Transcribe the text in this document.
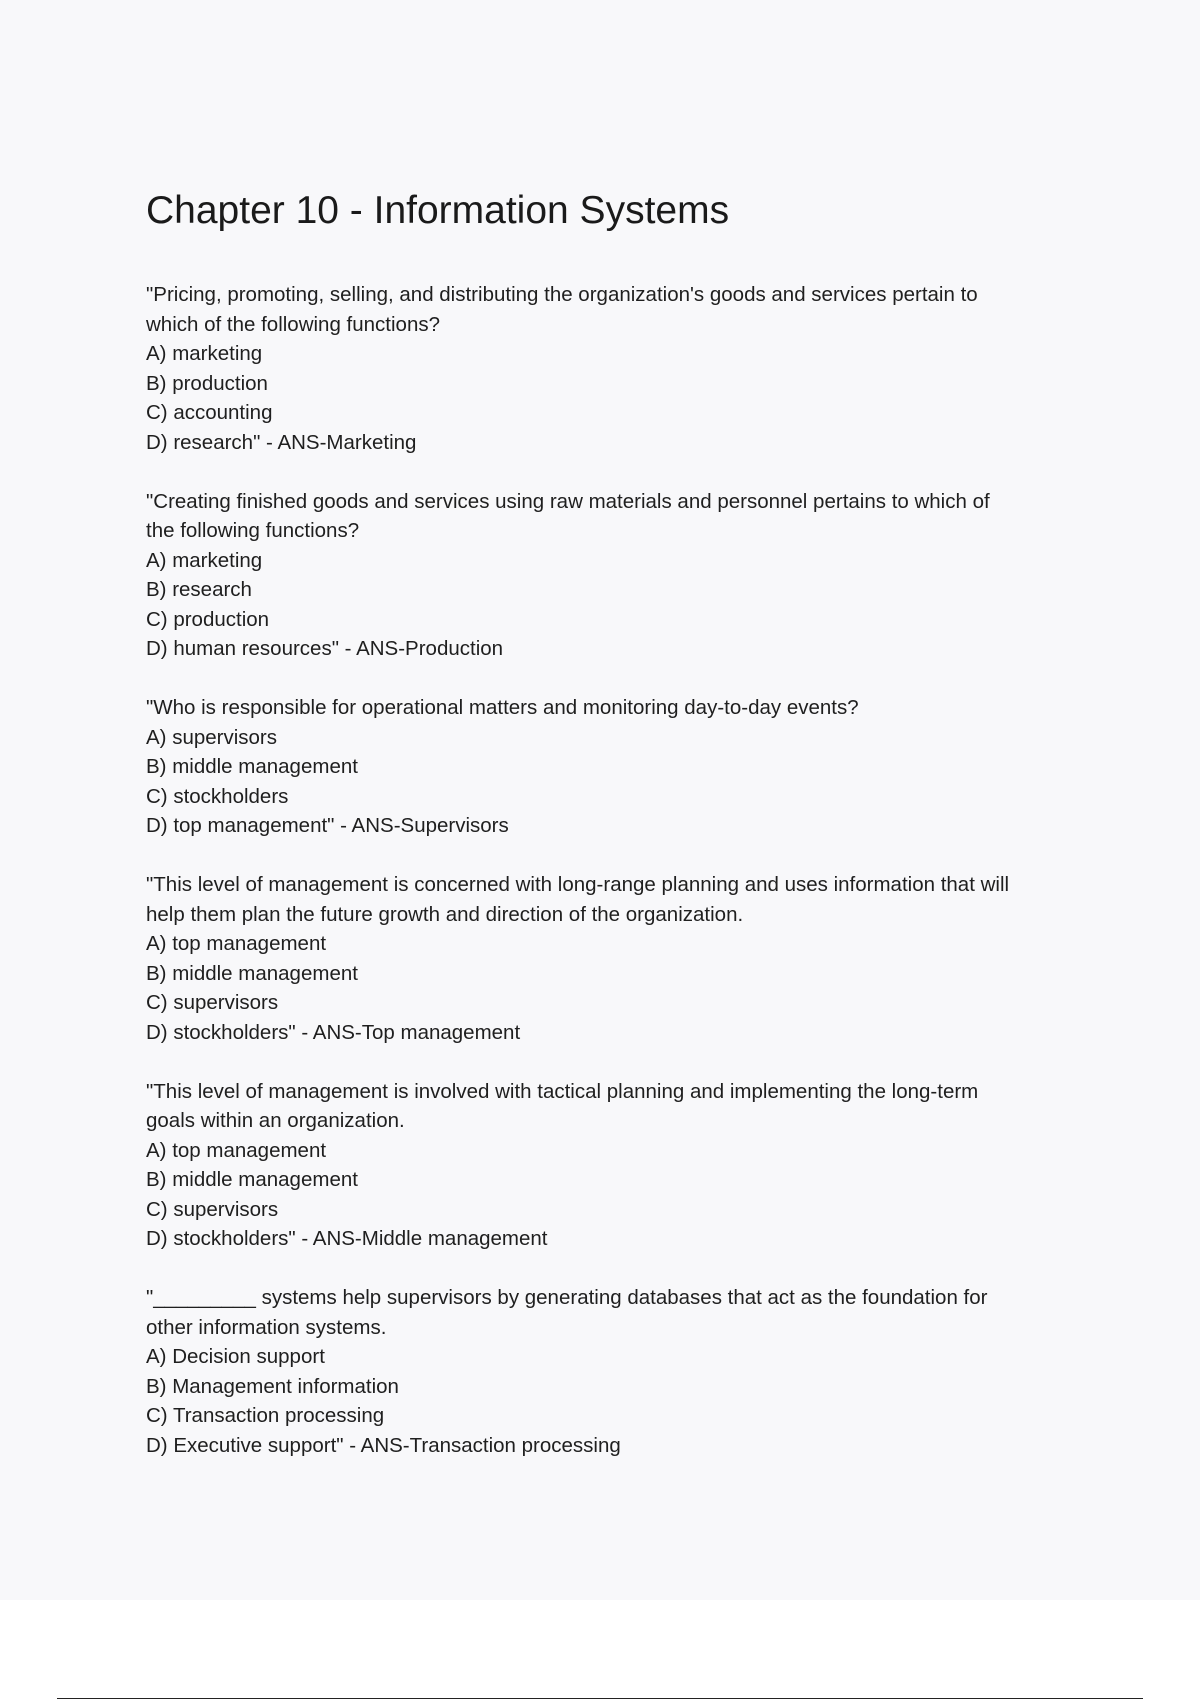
Chapter 10 - Information Systems
"Pricing, promoting, selling, and distributing the organization's goods and services pertain to
which of the following functions?
A) marketing
B) production
C) accounting
D) research" - ANS-Marketing
"Creating finished goods and services using raw materials and personnel pertains to which of
the following functions?
A) marketing
B) research
C) production
D) human resources" - ANS-Production
"Who is responsible for operational matters and monitoring day-to-day events?
A) supervisors
B) middle management
C) stockholders
D) top management" - ANS-Supervisors
"This level of management is concerned with long-range planning and uses information that will
help them plan the future growth and direction of the organization.
A) top management
B) middle management
C) supervisors
D) stockholders" - ANS-Top management
"This level of management is involved with tactical planning and implementing the long-term
goals within an organization.
A) top management
B) middle management
C) supervisors
D) stockholders" - ANS-Middle management
"_________ systems help supervisors by generating databases that act as the foundation for
other information systems.
A) Decision support
B) Management information
C) Transaction processing
D) Executive support" - ANS-Transaction processing
